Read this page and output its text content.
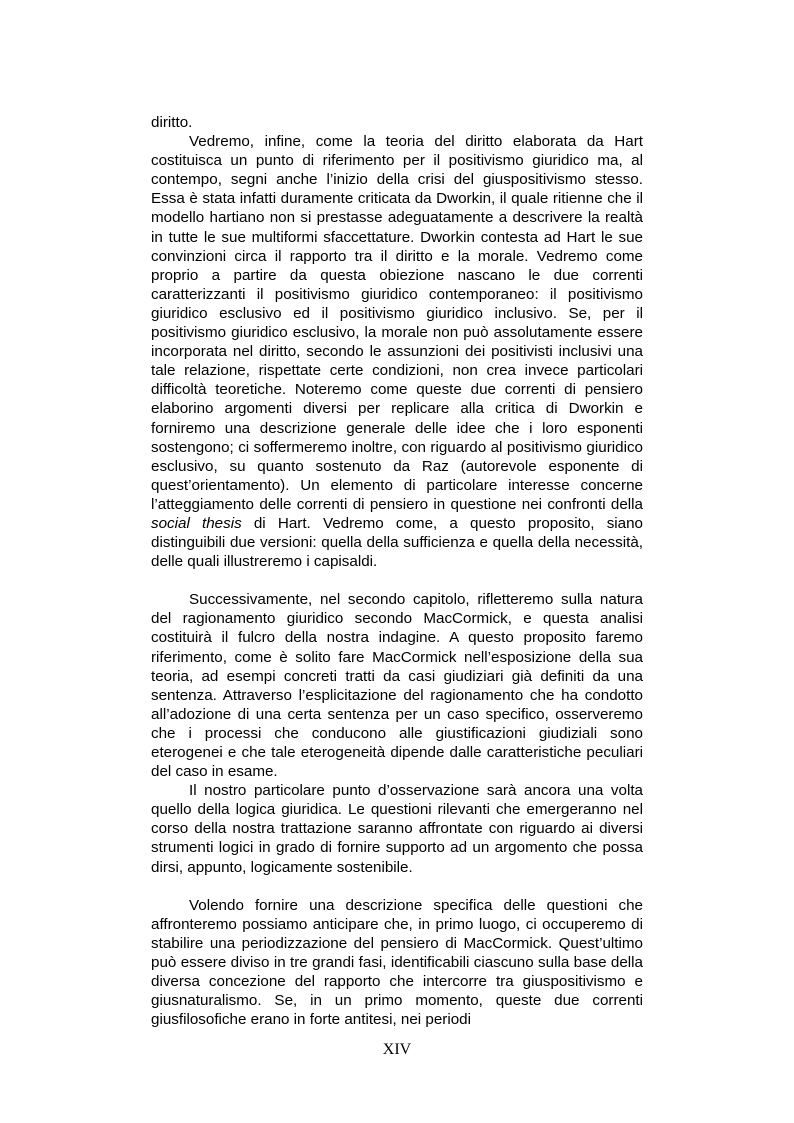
diritto.

Vedremo, infine, come la teoria del diritto elaborata da Hart costituisca un punto di riferimento per il positivismo giuridico ma, al contempo, segni anche l’inizio della crisi del giuspositivismo stesso. Essa è stata infatti duramente criticata da Dworkin, il quale ritienne che il modello hartiano non si prestasse adeguatamente a descrivere la realtà in tutte le sue multiformi sfaccettature. Dworkin contesta ad Hart le sue convinzioni circa il rapporto tra il diritto e la morale. Vedremo come proprio a partire da questa obiezione nascano le due correnti caratterizzanti il positivismo giuridico contemporaneo: il positivismo giuridico esclusivo ed il positivismo giuridico inclusivo. Se, per il positivismo giuridico esclusivo, la morale non può assolutamente essere incorporata nel diritto, secondo le assunzioni dei positivisti inclusivi una tale relazione, rispettate certe condizioni, non crea invece particolari difficoltà teoretiche. Noteremo come queste due correnti di pensiero elaborino argomenti diversi per replicare alla critica di Dworkin e forniremo una descrizione generale delle idee che i loro esponenti sostengono; ci soffermeremo inoltre, con riguardo al positivismo giuridico esclusivo, su quanto sostenuto da Raz (autorevole esponente di quest’orientamento). Un elemento di particolare interesse concerne l’atteggiamento delle correnti di pensiero in questione nei confronti della social thesis di Hart. Vedremo come, a questo proposito, siano distinguibili due versioni: quella della sufficienza e quella della necessità, delle quali illustreremo i capisaldi.

Successivamente, nel secondo capitolo, rifletteremo sulla natura del ragionamento giuridico secondo MacCormick, e questa analisi costituirà il fulcro della nostra indagine. A questo proposito faremo riferimento, come è solito fare MacCormick nell’esposizione della sua teoria, ad esempi concreti tratti da casi giudiziari già definiti da una sentenza. Attraverso l’esplicitazione del ragionamento che ha condotto all’adozione di una certa sentenza per un caso specifico, osserveremo che i processi che conducono alle giustificazioni giudiziali sono eterogenei e che tale eterogeneità dipende dalle caratteristiche peculiari del caso in esame.

Il nostro particolare punto d’osservazione sarà ancora una volta quello della logica giuridica. Le questioni rilevanti che emergeranno nel corso della nostra trattazione saranno affrontate con riguardo ai diversi strumenti logici in grado di fornire supporto ad un argomento che possa dirsi, appunto, logicamente sostenibile.

Volendo fornire una descrizione specifica delle questioni che affronteremo possiamo anticipare che, in primo luogo, ci occuperemo di stabilire una periodizzazione del pensiero di MacCormick. Quest’ultimo può essere diviso in tre grandi fasi, identificabili ciascuno sulla base della diversa concezione del rapporto che intercorre tra giuspositivismo e giusnaturalismo. Se, in un primo momento, queste due correnti giusfilosofiche erano in forte antitesi, nei periodi

XIV
